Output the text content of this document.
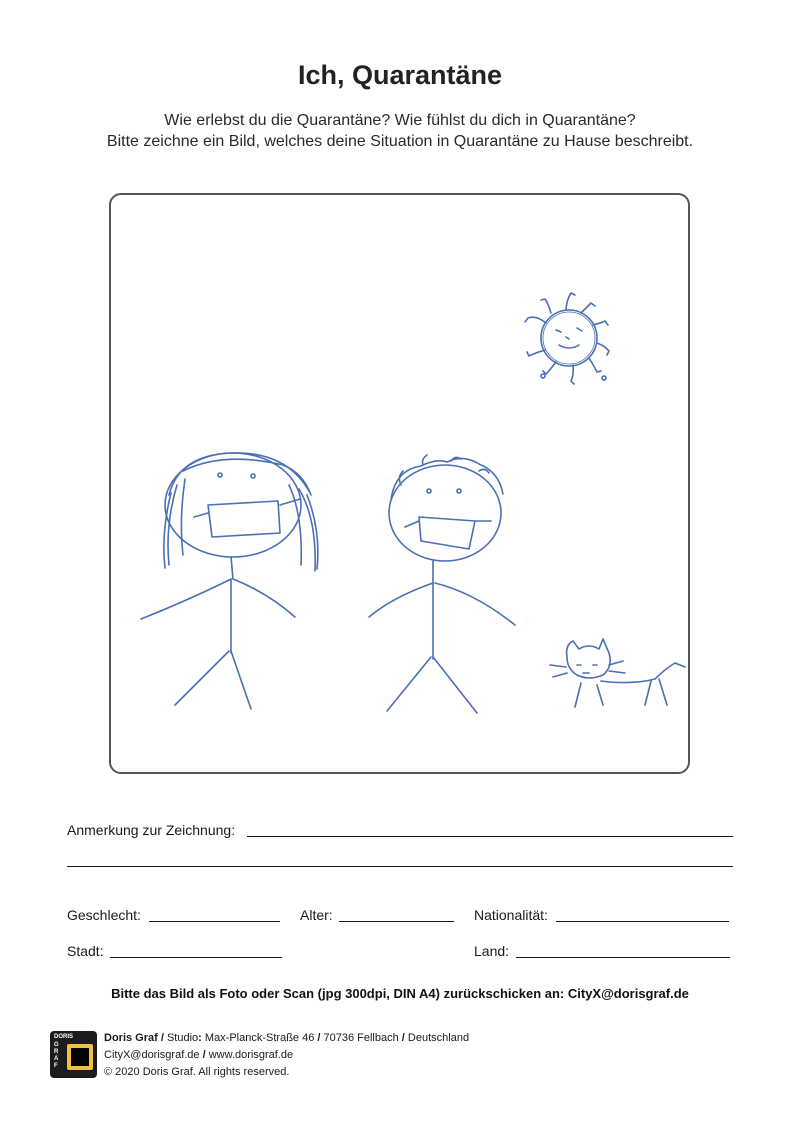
Ich, Quarantäne
Wie erlebst du die Quarantäne? Wie fühlst du dich in Quarantäne?
Bitte zeichne ein Bild, welches deine Situation in Quarantäne zu Hause beschreibt.
Anmerkung zur Zeichnung:
Geschlecht:	Alter:	Nationalität:
Stadt:	Land:
Bitte das Bild als Foto oder Scan (jpg 300dpi, DIN A4) zurückschicken an: CityX@dorisgraf.de
DORIS
G
R
A
F
Doris Graf / Studio: Max-Planck-Straße 46 / 70736 Fellbach / Deutschland
CityX@dorisgraf.de / www.dorisgraf.de
© 2020 Doris Graf. All rights reserved.
